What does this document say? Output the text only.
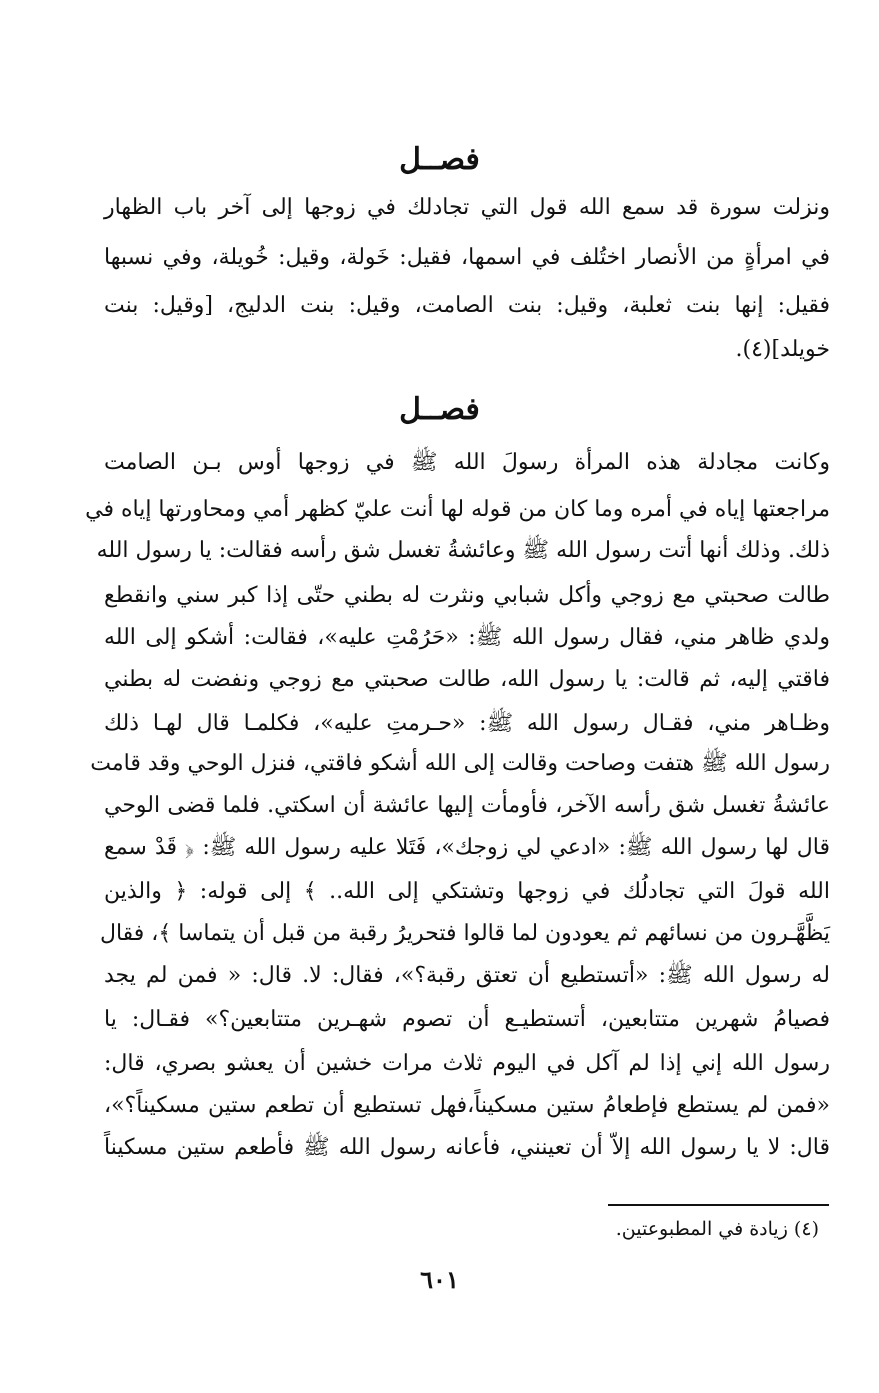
فصــل
ونزلت سورة قد سمع الله قول التي تجادلك في زوجها إلى آخر باب الظهار
في امرأةٍ من الأنصار اختُلف في اسمها، فقيل: خَولة، وقيل: خُويلة، وفي نسبها
فقيل: إنها بنت ثعلبة، وقيل: بنت الصامت، وقيل: بنت الدليج، [وقيل: بنت
خويلد](٤).
فصــل
وكانت مجادلة هذه المرأة رسولَ الله ﷺ في زوجها أوس بـن الصامت
مراجعتها إياه في أمره وما كان من قوله لها أنت عليّ كظهر أمي ومحاورتها إياه في
ذلك. وذلك أنها أتت رسول الله ﷺ وعائشةُ تغسل شق رأسه فقالت: يا رسول الله
طالت صحبتي مع زوجي وأكل شبابي ونثرت له بطني حتّى إذا كبر سني وانقطع
ولدي ظاهر مني، فقال رسول الله ﷺ: «حَرُمْتِ عليه»، فقالت: أشكو إلى الله
فاقتي إليه، ثم قالت: يا رسول الله، طالت صحبتي مع زوجي ونفضت له بطني
وظـاهر مني، فقـال رسول الله ﷺ: «حـرمتِ عليه»، فكلمـا قال لهـا ذلك
رسول الله ﷺ هتفت وصاحت وقالت إلى الله أشكو فاقتي، فنزل الوحي وقد قامت
عائشةُ تغسل شق رأسه الآخر، فأومأت إليها عائشة أن اسكتي. فلما قضى الوحي
قال لها رسول الله ﷺ: «ادعي لي زوجك»، فَتَلا عليه رسول الله ﷺ: ﴿ قَدْ سمع
الله قولَ التي تجادلُك في زوجها وتشتكي إلى الله.. ﴾ إلى قوله: ﴿ والذين
يَظَّهَّـرون من نسائهم ثم يعودون لما قالوا فتحريرُ رقبة من قبل أن يتماسا ﴾، فقال
له رسول الله ﷺ: «أتستطيع أن تعتق رقبة؟»، فقال: لا. قال: « فمن لم يجد
فصيامُ شهرين متتابعين، أتستطيـع أن تصوم شهـرين متتابعين؟» فقـال: يا
رسول الله إني إذا لم آكل في اليوم ثلاث مرات خشين أن يعشو بصري، قال:
«فمن لم يستطع فإطعامُ ستين مسكيناً،فهل تستطيع أن تطعم ستين مسكيناً؟»،
قال: لا يا رسول الله إلاّ أن تعينني، فأعانه رسول الله ﷺ فأطعم ستين مسكيناً
(٤) زيادة في المطبوعتين.
٦٠١
